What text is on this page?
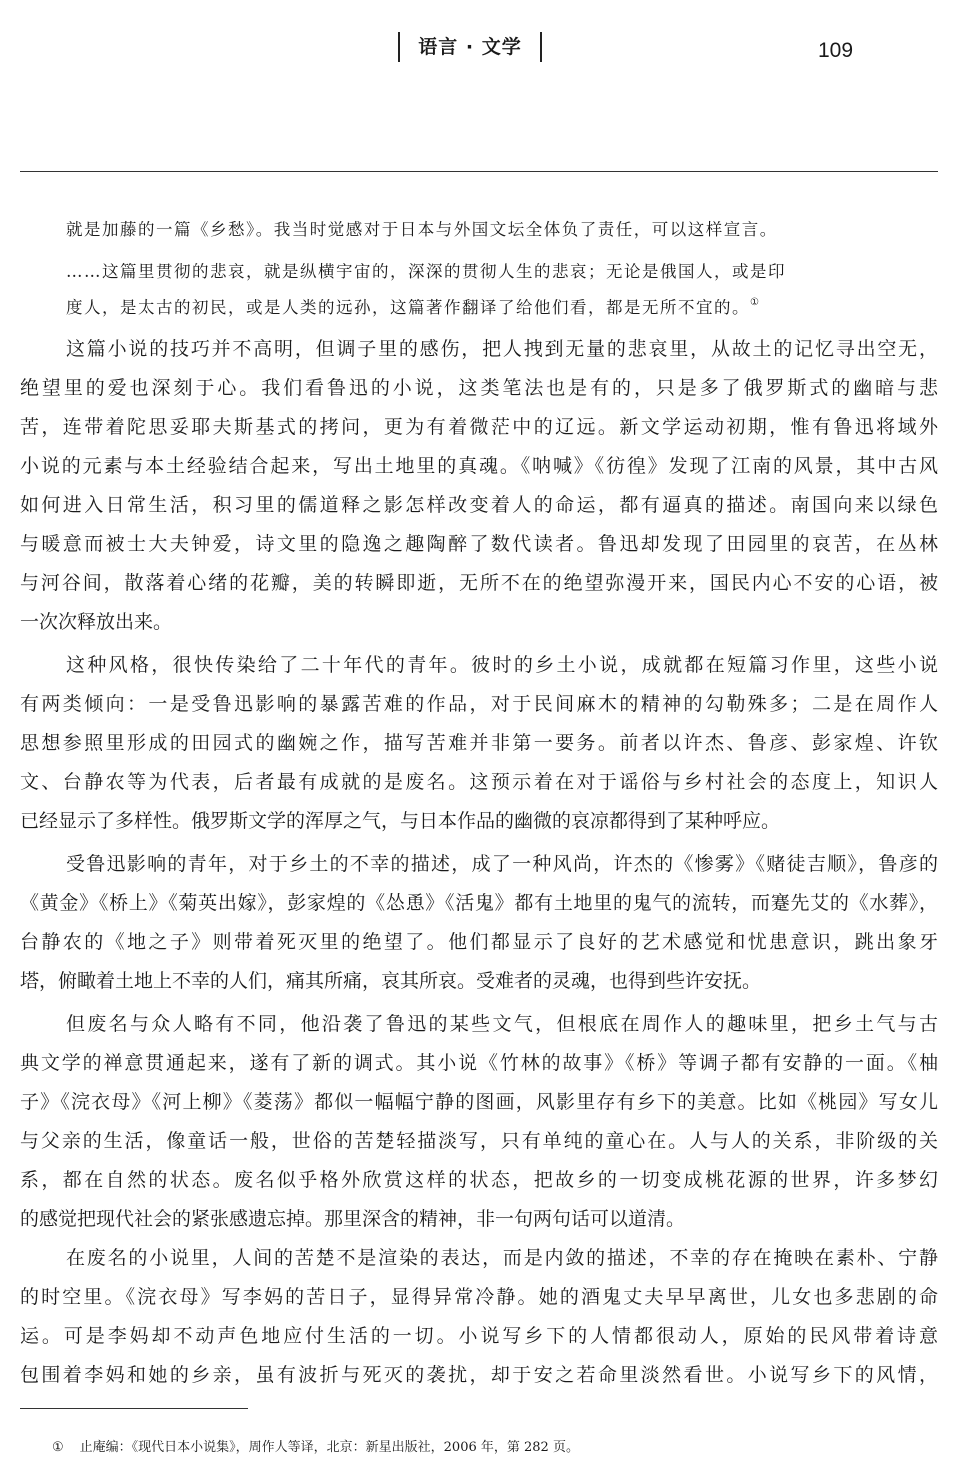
语言 · 文学	109
就是加藤的一篇《乡愁》。我当时觉感对于日本与外国文坛全体负了责任，可以这样宣言。
……这篇里贯彻的悲哀，就是纵横宇宙的，深深的贯彻人生的悲哀；无论是俄国人，或是印
度人，是太古的初民，或是人类的远孙，这篇著作翻译了给他们看，都是无所不宜的。①
这篇小说的技巧并不高明，但调子里的感伤，把人拽到无量的悲哀里，从故土的记忆寻出空无，
绝望里的爱也深刻于心。我们看鲁迅的小说，这类笔法也是有的，只是多了俄罗斯式的幽暗与悲
苦，连带着陀思妥耶夫斯基式的拷问，更为有着微茫中的辽远。新文学运动初期，惟有鲁迅将域外
小说的元素与本土经验结合起来，写出土地里的真魂。《呐喊》《彷徨》发现了江南的风景，其中古风
如何进入日常生活，积习里的儒道释之影怎样改变着人的命运，都有逼真的描述。南国向来以绿色
与暖意而被士大夫钟爱，诗文里的隐逸之趣陶醉了数代读者。鲁迅却发现了田园里的哀苦，在丛林
与河谷间，散落着心绪的花瓣，美的转瞬即逝，无所不在的绝望弥漫开来，国民内心不安的心语，被
一次次释放出来。
这种风格，很快传染给了二十年代的青年。彼时的乡土小说，成就都在短篇习作里，这些小说
有两类倾向：一是受鲁迅影响的暴露苦难的作品，对于民间麻木的精神的勾勒殊多；二是在周作人
思想参照里形成的田园式的幽婉之作，描写苦难并非第一要务。前者以许杰、鲁彦、彭家煌、许钦
文、台静农等为代表，后者最有成就的是废名。这预示着在对于谣俗与乡村社会的态度上，知识人
已经显示了多样性。俄罗斯文学的浑厚之气，与日本作品的幽微的哀凉都得到了某种呼应。
受鲁迅影响的青年，对于乡土的不幸的描述，成了一种风尚，许杰的《惨雾》《赌徒吉顺》，鲁彦的
《黄金》《桥上》《菊英出嫁》，彭家煌的《怂恿》《活鬼》都有土地里的鬼气的流转，而蹇先艾的《水葬》，
台静农的《地之子》则带着死灭里的绝望了。他们都显示了良好的艺术感觉和忧患意识，跳出象牙
塔，俯瞰着土地上不幸的人们，痛其所痛，哀其所哀。受难者的灵魂，也得到些许安抚。
但废名与众人略有不同，他沿袭了鲁迅的某些文气，但根底在周作人的趣味里，把乡土气与古
典文学的禅意贯通起来，遂有了新的调式。其小说《竹林的故事》《桥》等调子都有安静的一面。《柚
子》《浣衣母》《河上柳》《菱荡》都似一幅幅宁静的图画，风影里存有乡下的美意。比如《桃园》写女儿
与父亲的生活，像童话一般，世俗的苦楚轻描淡写，只有单纯的童心在。人与人的关系，非阶级的关
系，都在自然的状态。废名似乎格外欣赏这样的状态，把故乡的一切变成桃花源的世界，许多梦幻
的感觉把现代社会的紧张感遗忘掉。那里深含的精神，非一句两句话可以道清。
在废名的小说里，人间的苦楚不是渲染的表达，而是内敛的描述，不幸的存在掩映在素朴、宁静
的时空里。《浣衣母》写李妈的苦日子，显得异常冷静。她的酒鬼丈夫早早离世，儿女也多悲剧的命
运。可是李妈却不动声色地应付生活的一切。小说写乡下的人情都很动人，原始的民风带着诗意
包围着李妈和她的乡亲，虽有波折与死灭的袭扰，却于安之若命里淡然看世。小说写乡下的风情，
① 止庵编：《现代日本小说集》，周作人等译，北京：新星出版社，2006 年，第 282 页。
